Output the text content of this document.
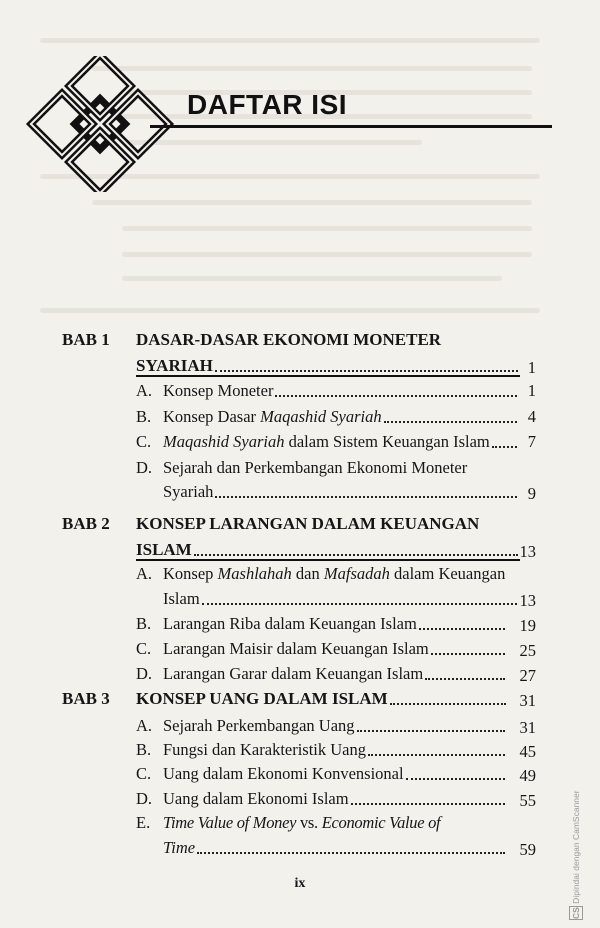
DAFTAR ISI
BAB 1 DASAR-DASAR EKONOMI MONETER
SYARIAH	1
A. Konsep Moneter	1
B. Konsep Dasar Maqashid Syariah	4
C. Maqashid Syariah dalam Sistem Keuangan Islam 7
D. Sejarah dan Perkembangan Ekonomi Moneter
Syariah	9
BAB 2 KONSEP LARANGAN DALAM KEUANGAN
ISLAM	13
A. Konsep Mashlahah dan Mafsadah dalam Keuangan
Islam	13
B. Larangan Riba dalam Keuangan Islam	19
C. Larangan Maisir dalam Keuangan Islam	25
D. Larangan Garar dalam Keuangan Islam	27
BAB 3 KONSEP UANG DALAM ISLAM	31
A. Sejarah Perkembangan Uang	31
B. Fungsi dan Karakteristik Uang	45
C. Uang dalam Ekonomi Konvensional	49
D. Uang dalam Ekonomi Islam	55
E. Time Value of Money vs. Economic Value of
Time	59
ix
CS Dipindai dengan CamScanner
